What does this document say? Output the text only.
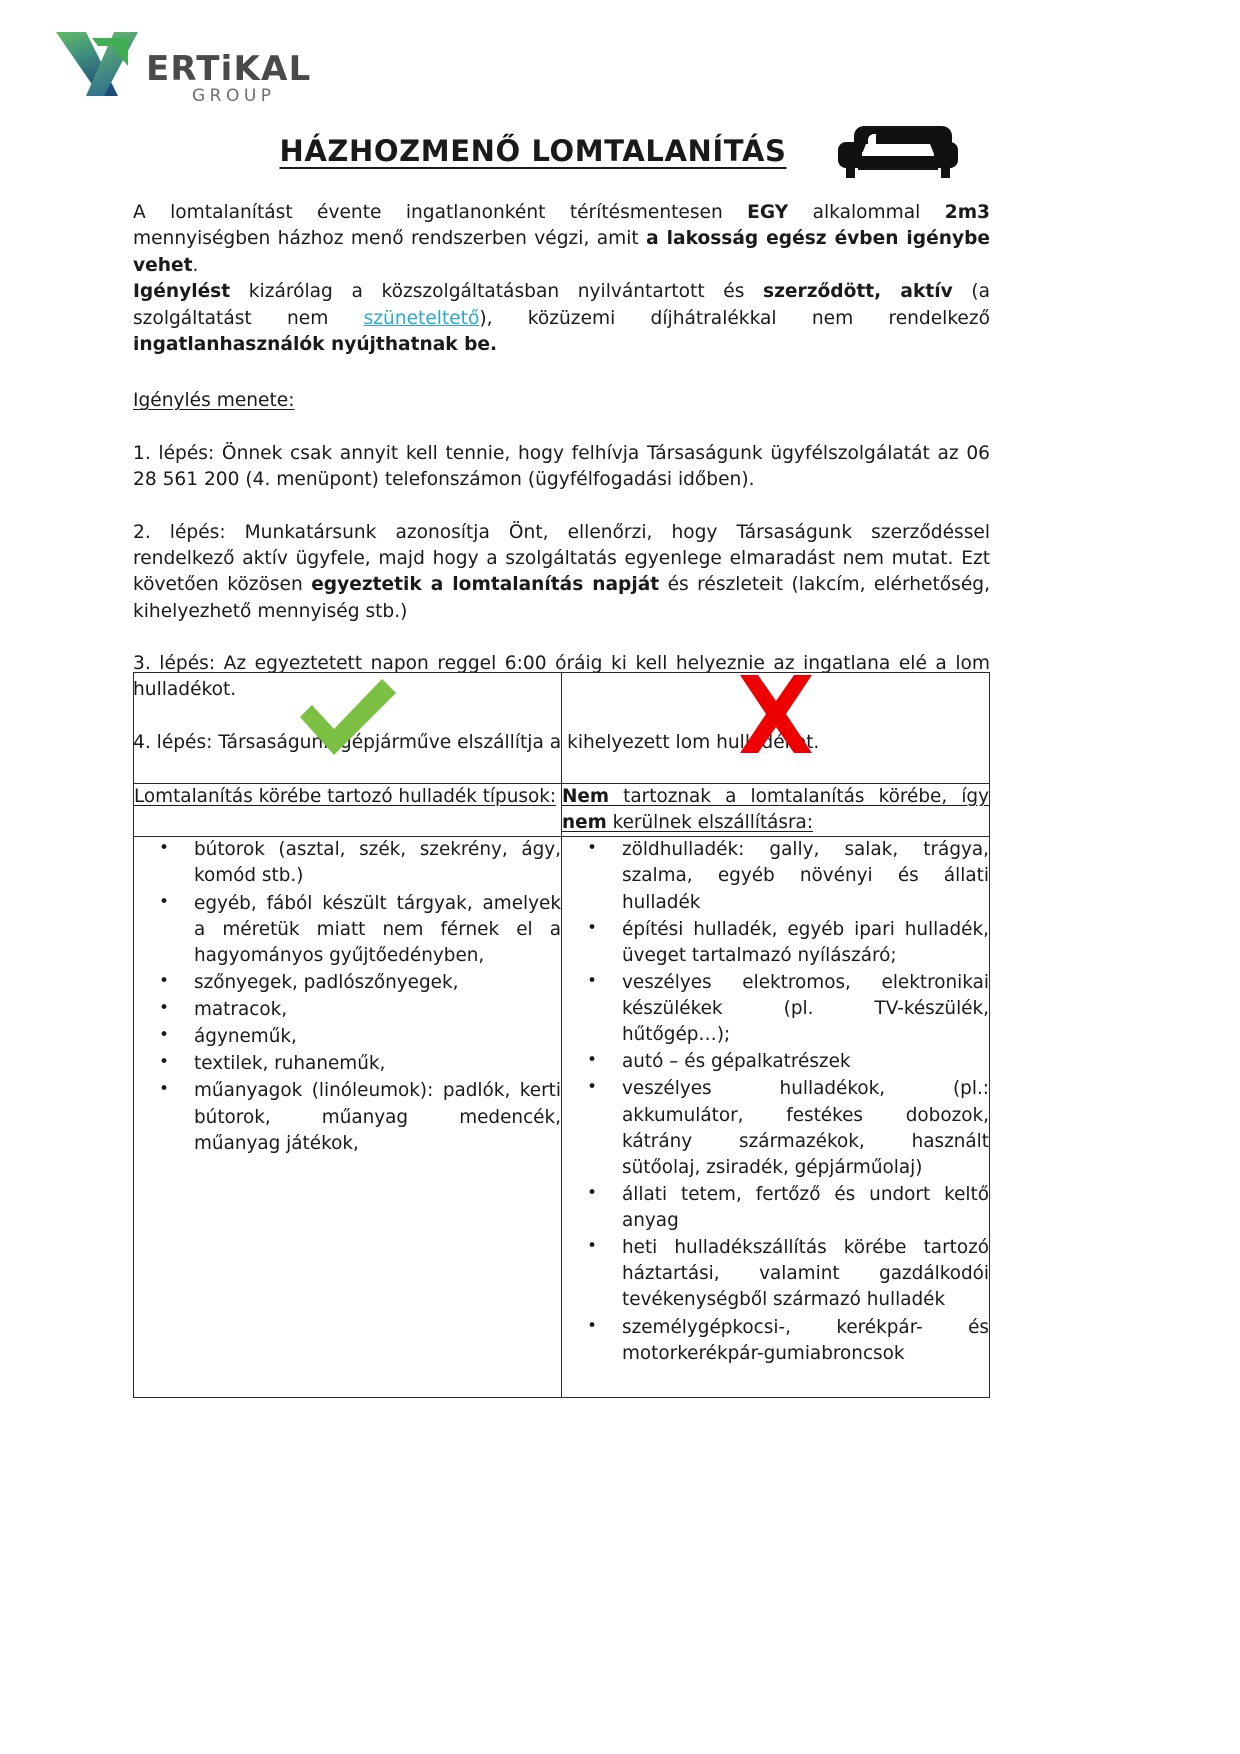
ERTiKAL
GROUP
HÁZHOZMENŐ LOMTALANÍTÁS

A lomtalanítást évente ingatlanonként térítésmentesen EGY alkalommal 2m3 mennyiségben házhoz menő rendszerben végzi, amit a lakosság egész évben igénybe vehet.

Igénylést kizárólag a közszolgáltatásban nyilvántartott és szerződött, aktív (a szolgáltatást nem szüneteltető), közüzemi díjhátralékkal nem rendelkező ingatlanhasználók nyújthatnak be.

Igénylés menete:

1. lépés: Önnek csak annyit kell tennie, hogy felhívja Társaságunk ügyfélszolgálatát az 06 28 561 200 (4. menüpont) telefonszámon (ügyfélfogadási időben).

2. lépés: Munkatársunk azonosítja Önt, ellenőrzi, hogy Társaságunk szerződéssel rendelkező aktív ügyfele, majd hogy a szolgáltatás egyenlege elmaradást nem mutat. Ezt követően közösen egyeztetik a lomtalanítás napját és részleteit (lakcím, elérhetőség, kihelyezhető mennyiség stb.)

3. lépés: Az egyeztetett napon reggel 6:00 óráig ki kell helyeznie az ingatlana elé a lom hulladékot.

4. lépés: Társaságunk gépjárműve elszállítja a kihelyezett lom hulladékot.

Lomtalanítás körébe tartozó hulladék típusok:	Nem tartoznak a lomtalanítás körébe, így nem kerülnek elszállításra:

• bútorok (asztal, szék, szekrény, ágy, komód stb.)
• egyéb, fából készült tárgyak, amelyek a méretük miatt nem férnek el a hagyományos gyűjtőedényben,
• szőnyegek, padlószőnyegek,
• matracok,
• ágyneműk,
• textilek, ruhaneműk,
• műanyagok (linóleumok): padlók, kerti bútorok, műanyag medencék, műanyag játékok,

• zöldhulladék: gally, salak, trágya, szalma, egyéb növényi és állati hulladék
• építési hulladék, egyéb ipari hulladék, üveget tartalmazó nyílászáró;
• veszélyes elektromos, elektronikai készülékek (pl. TV-készülék, hűtőgép…);
• autó – és gépalkatrészek
• veszélyes hulladékok, (pl.: akkumulátor, festékes dobozok, kátrány származékok, használt sütőolaj, zsiradék, gépjárműolaj)
• állati tetem, fertőző és undort keltő anyag
• heti hulladékszállítás körébe tartozó háztartási, valamint gazdálkodói tevékenységből származó hulladék
• személygépkocsi-, kerékpár- és motorkerékpár-gumiabroncsok
